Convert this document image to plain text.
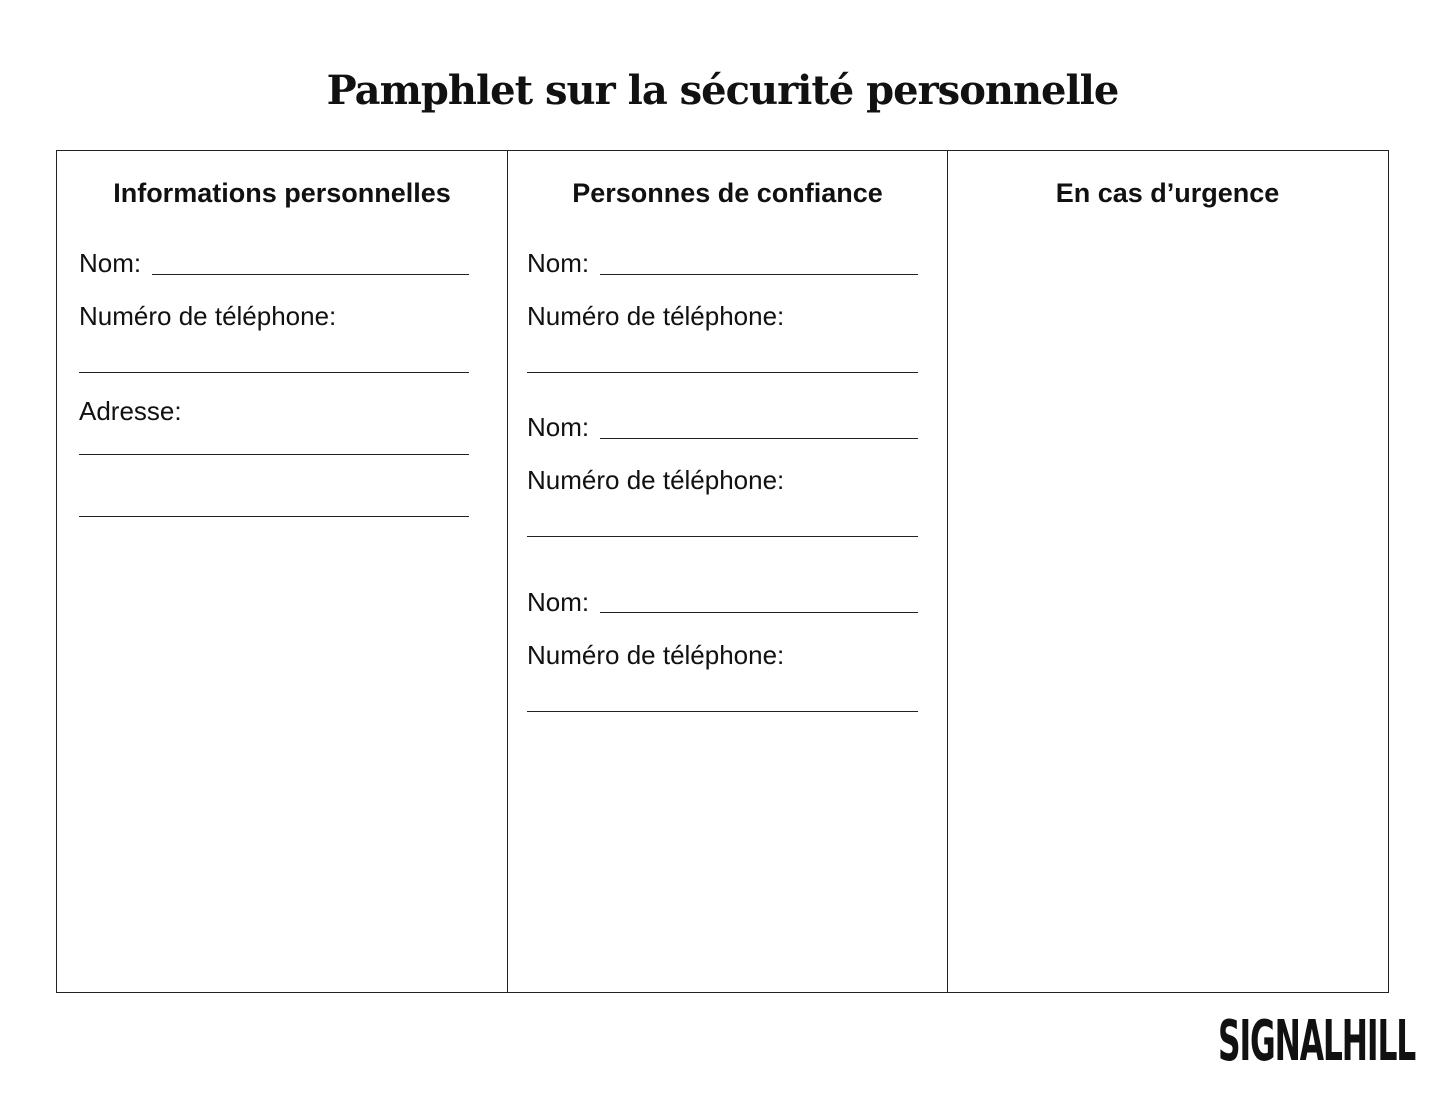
Pamphlet sur la sécurité personnelle
Informations personnelles
Nom:
Numéro de téléphone:
Adresse:
Personnes de confiance
Nom:
Numéro de téléphone:
Nom:
Numéro de téléphone:
Nom:
Numéro de téléphone:
En cas d’urgence
SIGNALHILL
